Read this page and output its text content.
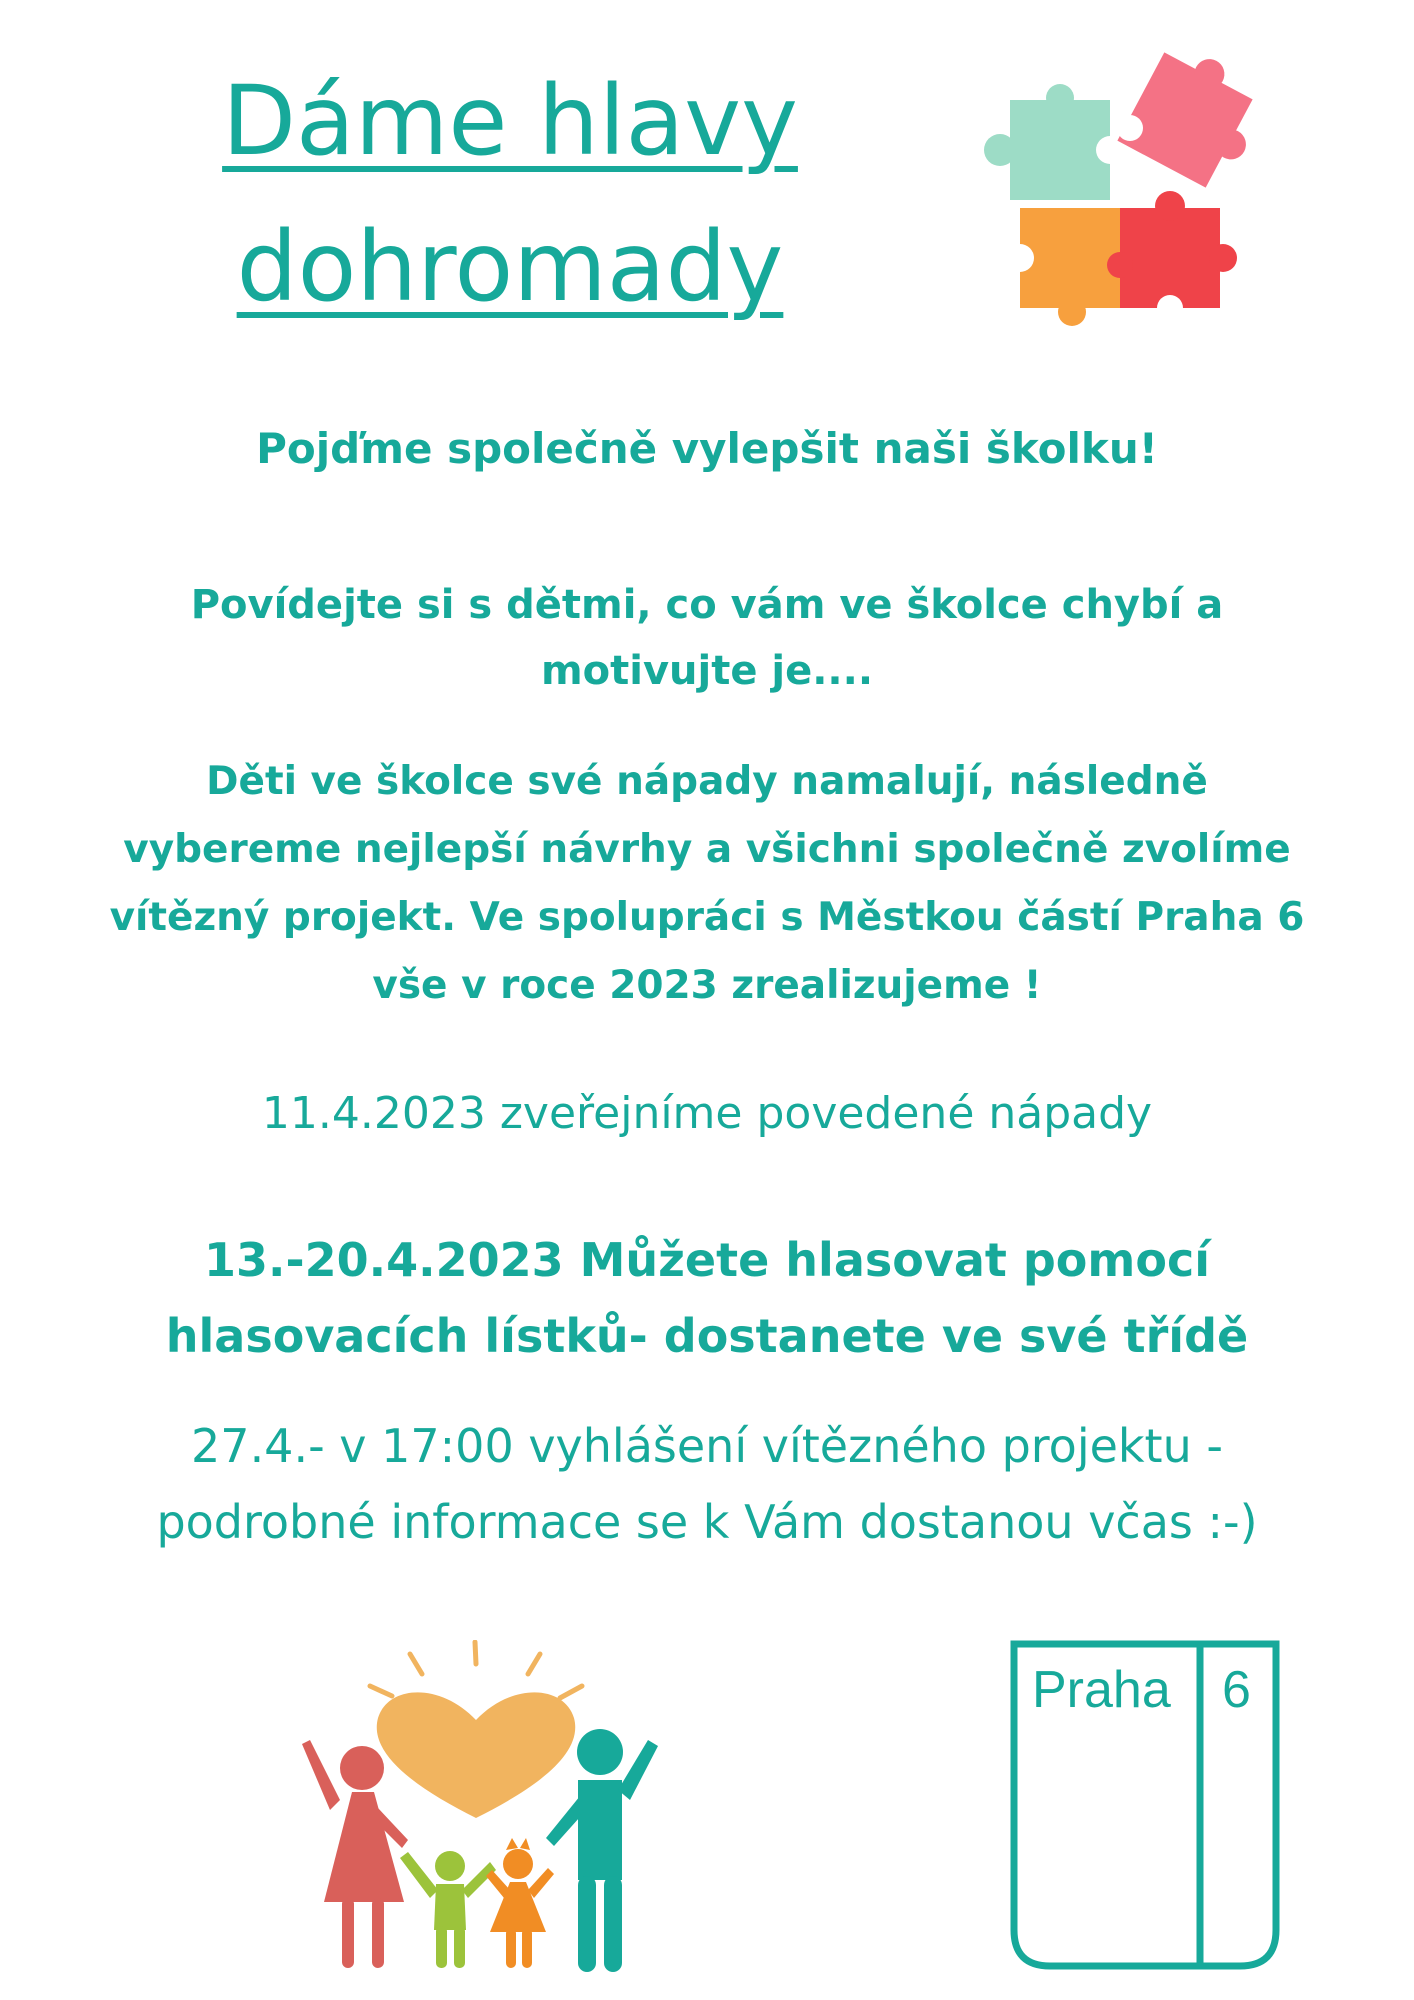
Dáme hlavy
dohromady

Pojďme společně vylepšit naši školku!

Povídejte si s dětmi, co vám ve školce chybí a
motivujte je....

Děti ve školce své nápady namalují, následně
vybereme nejlepší návrhy a všichni společně zvolíme
vítězný projekt. Ve spolupráci s Městkou částí Praha 6
vše v roce 2023 zrealizujeme !

11.4.2023 zveřejníme povedené nápady

13.-20.4.2023 Můžete hlasovat pomocí
hlasovacích lístků- dostanete ve své třídě

27.4.- v 17:00 vyhlášení vítězného projektu -
podrobné informace se k Vám dostanou včas :-)

Praha 6
